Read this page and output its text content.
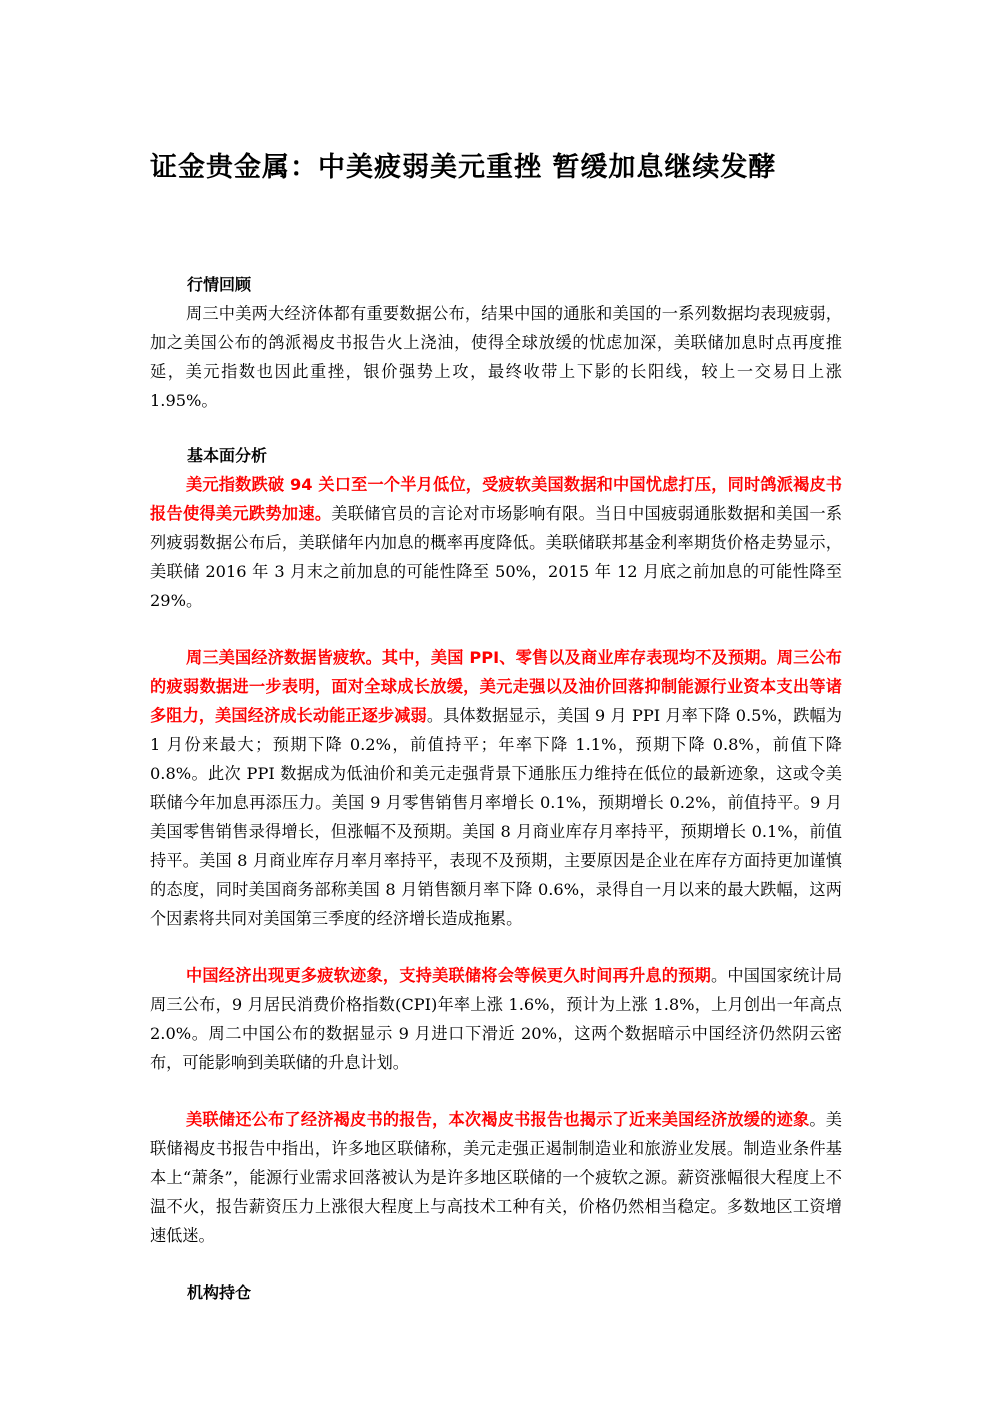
证金贵金属：中美疲弱美元重挫 暂缓加息继续发酵

行情回顾

周三中美两大经济体都有重要数据公布，结果中国的通胀和美国的一系列数据均表现疲弱，加之美国公布的鸽派褐皮书报告火上浇油，使得全球放缓的忧虑加深，美联储加息时点再度推延，美元指数也因此重挫，银价强势上攻，最终收带上下影的长阳线，较上一交易日上涨 1.95%。

基本面分析

美元指数跌破 94 关口至一个半月低位，受疲软美国数据和中国忧虑打压，同时鸽派褐皮书报告使得美元跌势加速。美联储官员的言论对市场影响有限。当日中国疲弱通胀数据和美国一系列疲弱数据公布后，美联储年内加息的概率再度降低。美联储联邦基金利率期货价格走势显示，美联储 2016 年 3 月末之前加息的可能性降至 50%，2015 年 12 月底之前加息的可能性降至 29%。

周三美国经济数据皆疲软。其中，美国 PPI、零售以及商业库存表现均不及预期。周三公布的疲弱数据进一步表明，面对全球成长放缓，美元走强以及油价回落抑制能源行业资本支出等诸多阻力，美国经济成长动能正逐步减弱。具体数据显示，美国 9 月 PPI 月率下降 0.5%，跌幅为 1 月份来最大；预期下降 0.2%，前值持平；年率下降 1.1%，预期下降 0.8%，前值下降 0.8%。此次 PPI 数据成为低油价和美元走强背景下通胀压力维持在低位的最新迹象，这或令美联储今年加息再添压力。美国 9 月零售销售月率增长 0.1%，预期增长 0.2%，前值持平。9 月美国零售销售录得增长，但涨幅不及预期。美国 8 月商业库存月率持平，预期增长 0.1%，前值持平。美国 8 月商业库存月率月率持平，表现不及预期，主要原因是企业在库存方面持更加谨慎的态度，同时美国商务部称美国 8 月销售额月率下降 0.6%，录得自一月以来的最大跌幅，这两个因素将共同对美国第三季度的经济增长造成拖累。

中国经济出现更多疲软迹象，支持美联储将会等候更久时间再升息的预期。中国国家统计局周三公布，9 月居民消费价格指数(CPI)年率上涨 1.6%，预计为上涨 1.8%，上月创出一年高点 2.0%。周二中国公布的数据显示 9 月进口下滑近 20%，这两个数据暗示中国经济仍然阴云密布，可能影响到美联储的升息计划。

美联储还公布了经济褐皮书的报告，本次褐皮书报告也揭示了近来美国经济放缓的迹象。美联储褐皮书报告中指出，许多地区联储称，美元走强正遏制制造业和旅游业发展。制造业条件基本上“萧条”，能源行业需求回落被认为是许多地区联储的一个疲软之源。薪资涨幅很大程度上不温不火，报告薪资压力上涨很大程度上与高技术工种有关，价格仍然相当稳定。多数地区工资增速低迷。

机构持仓
